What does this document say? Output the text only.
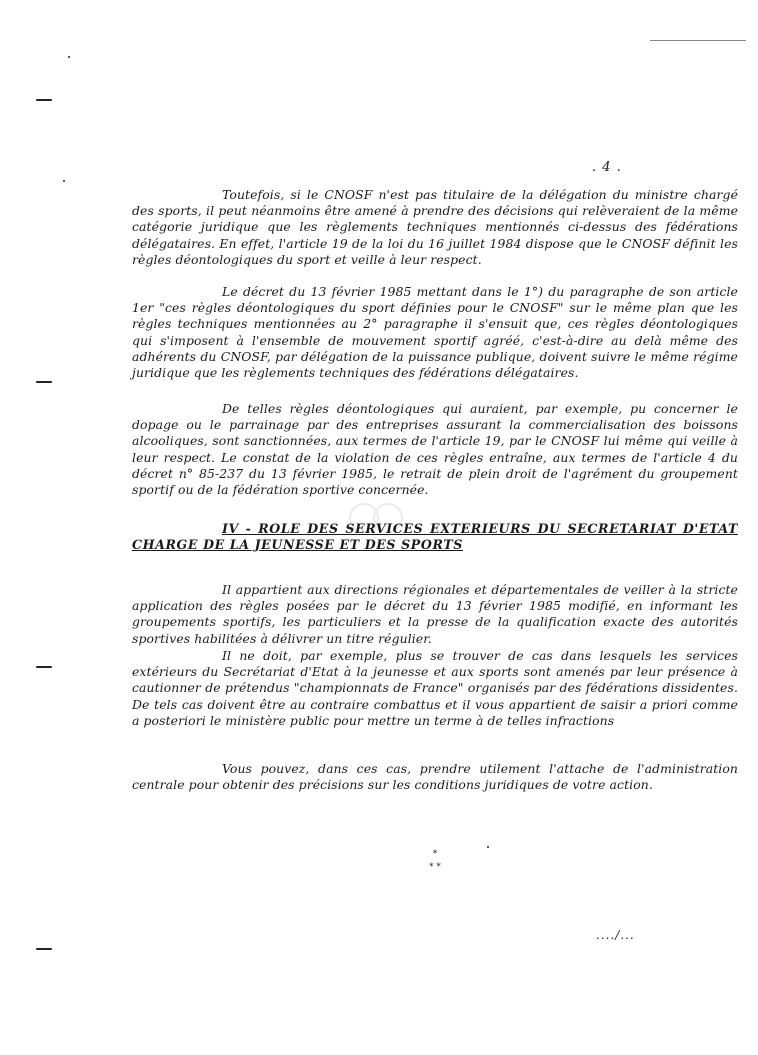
. 4 .

Toutefois, si le CNOSF n'est pas titulaire de la délégation du ministre chargé des sports, il peut néanmoins être amené à prendre des décisions qui relèveraient de la même catégorie juridique que les règlements techniques mentionnés ci-dessus des fédérations délégataires. En effet, l'article 19 de la loi du 16 juillet 1984 dispose que le CNOSF définit les règles déontologiques du sport et veille à leur respect.

Le décret du 13 février 1985 mettant dans le 1°) du paragraphe de son article 1er "ces règles déontologiques du sport définies pour le CNOSF" sur le même plan que les règles techniques mentionnées au 2° paragraphe il s'ensuit que, ces règles déontologiques qui s'imposent à l'ensemble de mouvement sportif agréé, c'est-à-dire au delà même des adhérents du CNOSF, par délégation de la puissance publique, doivent suivre le même régime juridique que les règlements techniques des fédérations délégataires.

De telles règles déontologiques qui auraient, par exemple, pu concerner le dopage ou le parrainage par des entreprises assurant la commercialisation des boissons alcooliques, sont sanctionnées, aux termes de l'article 19, par le CNOSF lui même qui veille à leur respect. Le constat de la violation de ces règles entraîne, aux termes de l'article 4 du décret n° 85-237 du 13 février 1985, le retrait de plein droit de l'agrément du groupement sportif ou de la fédération sportive concernée.

IV - ROLE DES SERVICES EXTERIEURS DU SECRETARIAT D'ETAT CHARGE DE LA JEUNESSE ET DES SPORTS

Il appartient aux directions régionales et départementales de veiller à la stricte application des règles posées par le décret du 13 février 1985 modifié, en informant les groupements sportifs, les particuliers et la presse de la qualification exacte des autorités sportives habilitées à délivrer un titre régulier.

Il ne doit, par exemple, plus se trouver de cas dans lesquels les services extérieurs du Secrétariat d'Etat à la jeunesse et aux sports sont amenés par leur présence à cautionner de prétendus "championnats de France" organisés par des fédérations dissidentes. De tels cas doivent être au contraire combattus et il vous appartient de saisir a priori comme a posteriori le ministère public pour mettre un terme à de telles infractions

Vous pouvez, dans ces cas, prendre utilement l'attache de l'administration centrale pour obtenir des précisions sur les conditions juridiques de votre action.

*
* *
..../...
